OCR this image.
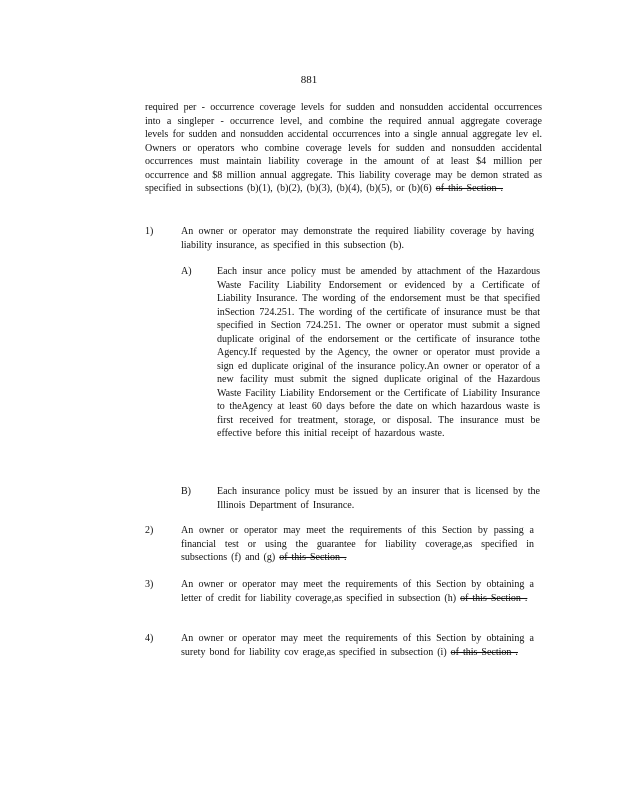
881
required per - occurrence coverage levels for sudden and nonsudden accidental occurrences into a singleper - occurrence level, and combine the required annual aggregate coverage levels for sudden and nonsudden accidental occurrences into a single annual aggregate lev el. Owners or operators who combine coverage levels for sudden and nonsudden accidental occurrences must maintain liability coverage in the amount of at least $4 million per occurrence and $8 million annual aggregate. This liability coverage may be demon strated as specified in subsections (b)(1), (b)(2), (b)(3), (b)(4), (b)(5), or (b)(6) of this Section .
1)	An owner or operator may demonstrate the required liability coverage by having liability insurance, as specified in this subsection (b).
A)	Each insur ance policy must be amended by attachment of the Hazardous Waste Facility Liability Endorsement or evidenced by a Certificate of Liability Insurance. The wording of the endorsement must be that specified inSection 724.251. The wording of the certificate of insurance must be that specified in Section 724.251. The owner or operator must submit a signed duplicate original of the endorsement or the certificate of insurance tothe Agency.If requested by the Agency, the owner or operator must provide a sign ed duplicate original of the insurance policy.An owner or operator of a new facility must submit the signed duplicate original of the Hazardous Waste Facility Liability Endorsement or the Certificate of Liability Insurance to theAgency at least 60 days before the date on which hazardous waste is first received for treatment, storage, or disposal. The insurance must be effective before this initial receipt of hazardous waste.
B)	Each insurance policy must be issued by an insurer that is licensed by the Illinois Department of Insurance.
2)	An owner or operator may meet the requirements of this Section by passing a financial test or using the guarantee for liability coverage,as specified in subsections (f) and (g) of this Section .
3)	An owner or operator may meet the requirements of this Section by obtaining a letter of credit for liability coverage,as specified in subsection (h) of this Section .
4)	An owner or operator may meet the requirements of this Section by obtaining a surety bond for liability cov erage,as specified in subsection (i) of this Section .
